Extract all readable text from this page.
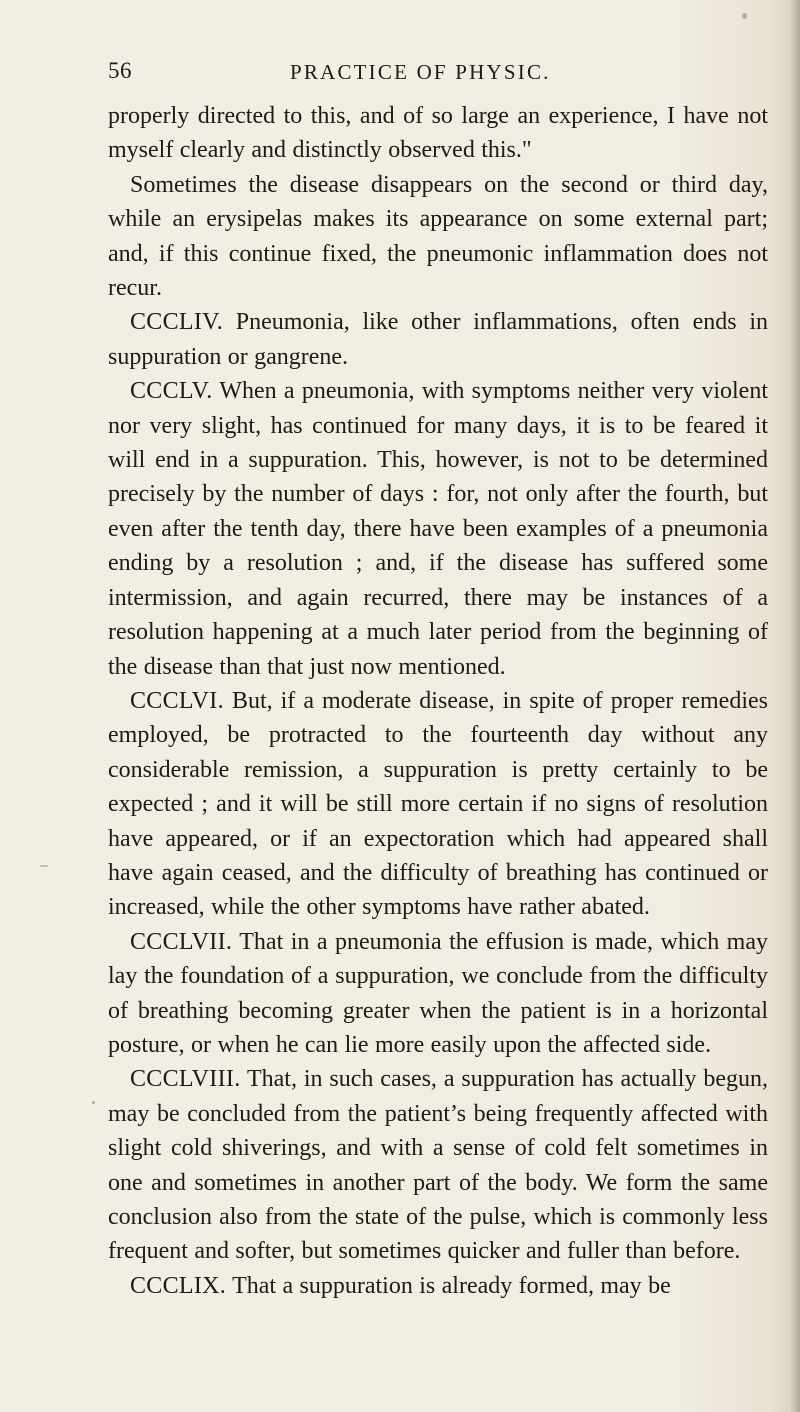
56	PRACTICE OF PHYSIC.

properly directed to this, and of so large an experience, I have not myself clearly and distinctly observed this."

Sometimes the disease disappears on the second or third day, while an erysipelas makes its appearance on some external part; and, if this continue fixed, the pneumonic inflammation does not recur.

CCCLIV. Pneumonia, like other inflammations, often ends in suppuration or gangrene.

CCCLV. When a pneumonia, with symptoms neither very violent nor very slight, has continued for many days, it is to be feared it will end in a suppuration. This, however, is not to be determined precisely by the number of days : for, not only after the fourth, but even after the tenth day, there have been examples of a pneumonia ending by a resolution ; and, if the disease has suffered some intermission, and again recurred, there may be instances of a resolution happening at a much later period from the beginning of the disease than that just now mentioned.

CCCLVI. But, if a moderate disease, in spite of proper remedies employed, be protracted to the fourteenth day without any considerable remission, a suppuration is pretty certainly to be expected ; and it will be still more certain if no signs of resolution have appeared, or if an expectoration which had appeared shall have again ceased, and the difficulty of breathing has continued or increased, while the other symptoms have rather abated.

CCCLVII. That in a pneumonia the effusion is made, which may lay the foundation of a suppuration, we conclude from the difficulty of breathing becoming greater when the patient is in a horizontal posture, or when he can lie more easily upon the affected side.

CCCLVIII. That, in such cases, a suppuration has actually begun, may be concluded from the patient’s being frequently affected with slight cold shiverings, and with a sense of cold felt sometimes in one and sometimes in another part of the body. We form the same conclusion also from the state of the pulse, which is commonly less frequent and softer, but sometimes quicker and fuller than before.

CCCLIX. That a suppuration is already formed, may be
